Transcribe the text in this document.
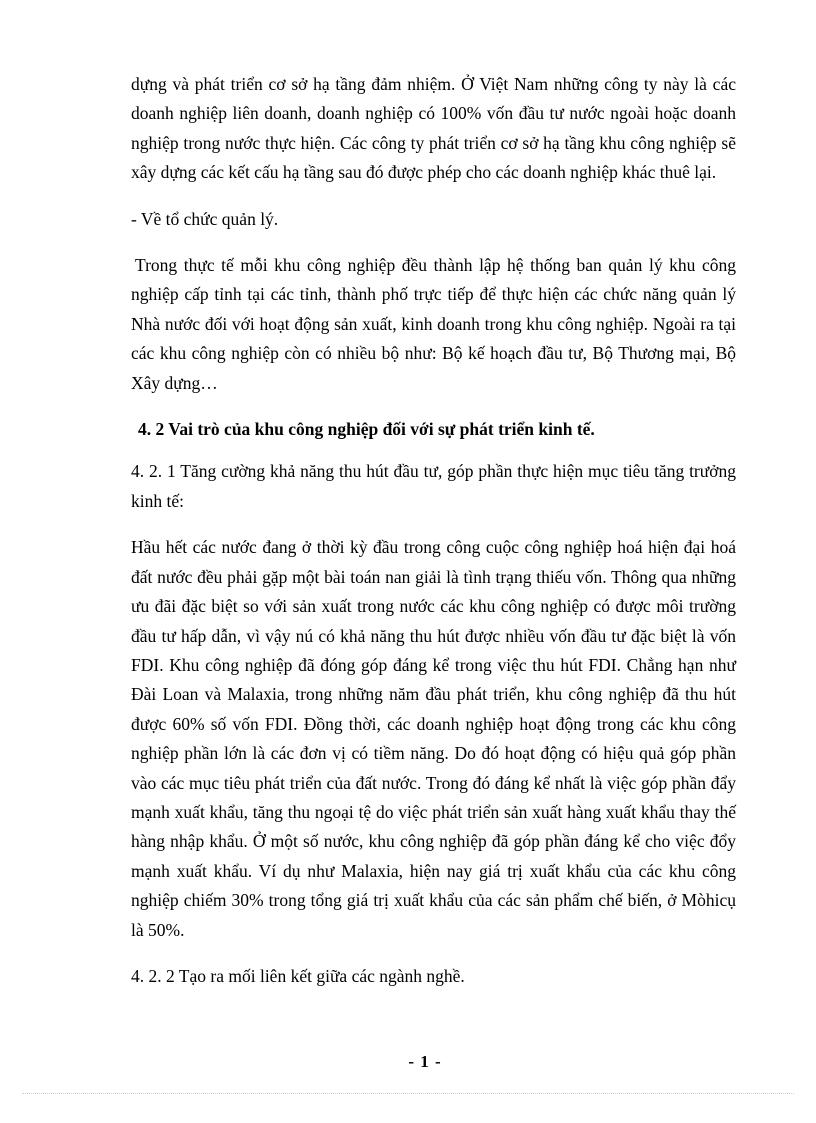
dựng và phát triển cơ sở hạ tầng đảm nhiệm. Ở Việt Nam những công ty này là các doanh nghiệp liên doanh, doanh nghiệp có 100% vốn đầu tư nước ngoài hoặc doanh nghiệp trong nước thực hiện. Các công ty phát triển cơ sở hạ tầng khu công nghiệp sẽ xây dựng các kết cấu hạ tầng sau đó được phép cho các doanh nghiệp khác thuê lại.

- Về tổ chức quản lý.

Trong thực tế mỗi khu công nghiệp đều thành lập hệ thống ban quản lý khu công nghiệp cấp tỉnh tại các tỉnh, thành phố trực tiếp để thực hiện các chức năng quản lý Nhà nước đối với hoạt động sản xuất, kinh doanh trong khu công nghiệp. Ngoài ra tại các khu công nghiệp còn có nhiều bộ như: Bộ kế hoạch đầu tư, Bộ Thương mại, Bộ Xây dựng…

4. 2 Vai trò của khu công nghiệp đối với sự phát triển kinh tế.

4. 2. 1 Tăng cường khả năng thu hút đầu tư, góp phần thực hiện mục tiêu tăng trưởng kinh tế:

Hầu hết các nước đang ở thời kỳ đầu trong công cuộc công nghiệp hoá hiện đại hoá đất nước đều phải gặp một bài toán nan giải là tình trạng thiếu vốn. Thông qua những ưu đãi đặc biệt so với sản xuất trong nước các khu công nghiệp có được môi trường đầu tư hấp dẫn, vì vậy nú có khả năng thu hút được nhiều vốn đầu tư đặc biệt là vốn FDI. Khu công nghiệp đã đóng góp đáng kể trong việc thu hút FDI. Chẳng hạn như Đài Loan và Malaxia, trong những năm đầu phát triển, khu công nghiệp đã thu hút được 60% số vốn FDI. Đồng thời, các doanh nghiệp hoạt động trong các khu công nghiệp phần lớn là các đơn vị có tiềm năng. Do đó hoạt động có hiệu quả góp phần vào các mục tiêu phát triển của đất nước. Trong đó đáng kể nhất là việc góp phần đẩy mạnh xuất khẩu, tăng thu ngoại tệ do việc phát triển sản xuất hàng xuất khẩu thay thế hàng nhập khẩu. Ở một số nước, khu công nghiệp đã góp phần đáng kể cho việc đổy mạnh xuất khẩu. Ví dụ như Malaxia, hiện nay giá trị xuất khẩu của các khu công nghiệp chiếm 30% trong tổng giá trị xuất khẩu của các sản phẩm chế biến, ở Mòhicụ là 50%.

4. 2. 2 Tạo ra mối liên kết giữa các ngành nghề.

- 1 -
